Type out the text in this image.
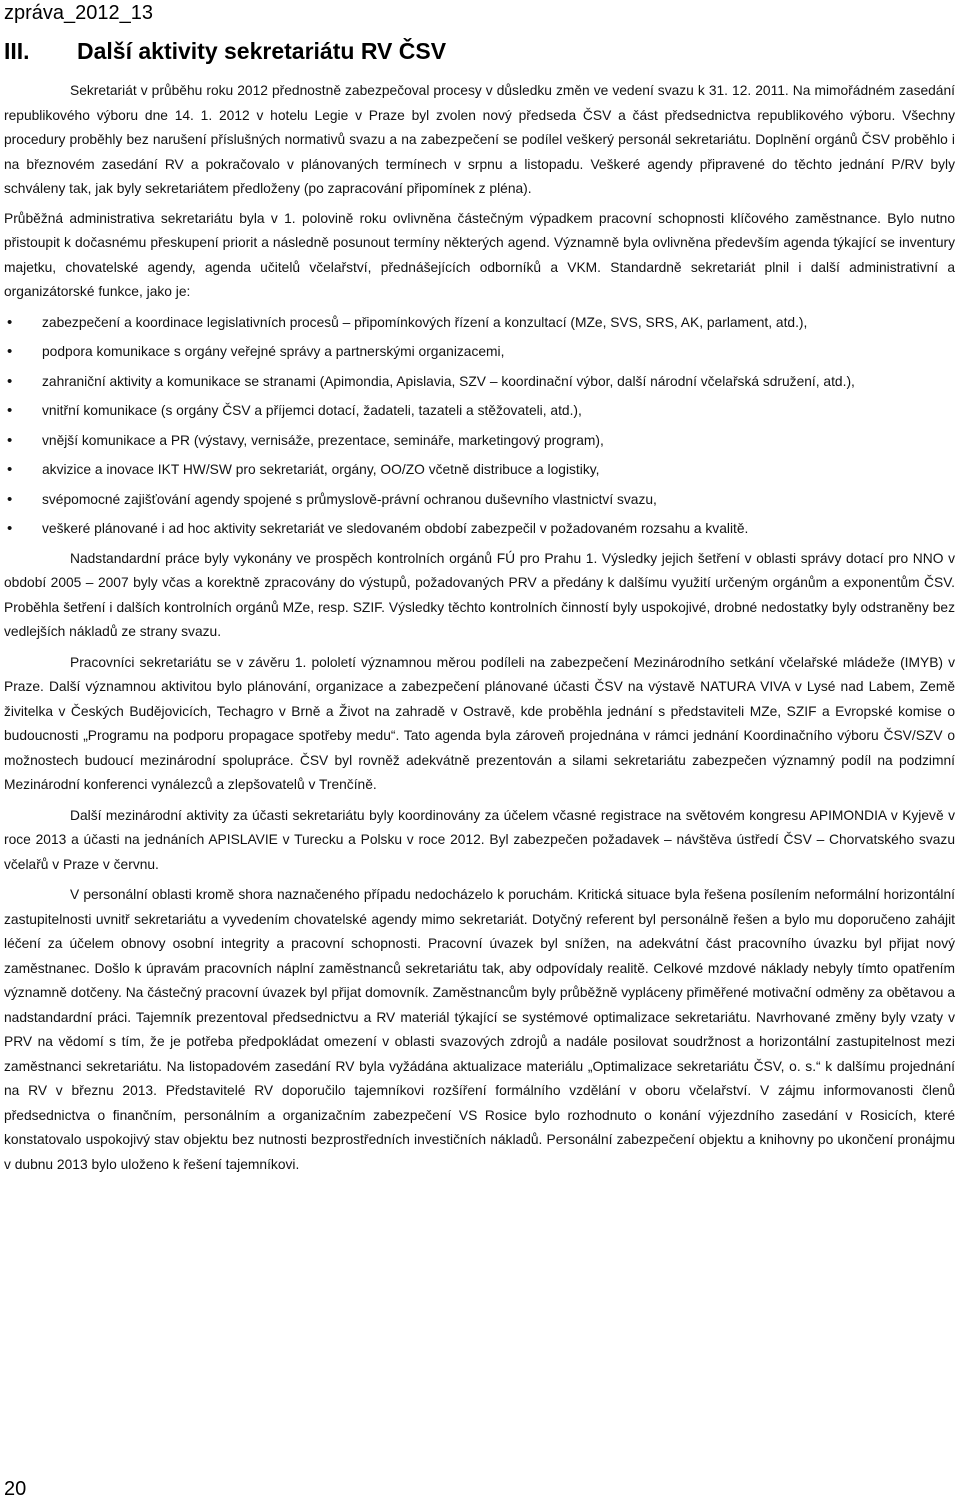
zpráva_2012_13
III. Další aktivity sekretariátu RV ČSV

Sekretariát v průběhu roku 2012 přednostně zabezpečoval procesy v důsledku změn ve vedení svazu k 31. 12. 2011. Na mimořádném zasedání republikového výboru dne 14. 1. 2012 v hotelu Legie v Praze byl zvolen nový předseda ČSV a část předsednictva republikového výboru. Všechny procedury proběhly bez narušení příslušných normativů svazu a na zabezpečení se podílel veškerý personál sekretariátu. Doplnění orgánů ČSV proběhlo i na březnovém zasedání RV a pokračovalo v plánovaných termínech v srpnu a listopadu. Veškeré agendy připravené do těchto jednání P/RV byly schváleny tak, jak byly sekretariátem předloženy (po zapracování připomínek z pléna).

Průběžná administrativa sekretariátu byla v 1. polovině roku ovlivněna částečným výpadkem pracovní schopnosti klíčového zaměstnance. Bylo nutno přistoupit k dočasnému přeskupení priorit a následně posunout termíny některých agend. Významně byla ovlivněna především agenda týkající se inventury majetku, chovatelské agendy, agenda učitelů včelařství, přednášejících odborníků a VKM. Standardně sekretariát plnil i další administrativní a organizátorské funkce, jako je:

• zabezpečení a koordinace legislativních procesů – připomínkových řízení a konzultací (MZe, SVS, SRS, AK, parlament, atd.),
• podpora komunikace s orgány veřejné správy a partnerskými organizacemi,
• zahraniční aktivity a komunikace se stranami (Apimondia, Apislavia, SZV – koordinační výbor, další národní včelařská sdružení, atd.),
• vnitřní komunikace (s orgány ČSV a příjemci dotací, žadateli, tazateli a stěžovateli, atd.),
• vnější komunikace a PR (výstavy, vernisáže, prezentace, semináře, marketingový program),
• akvizice a inovace IKT HW/SW pro sekretariát, orgány, OO/ZO včetně distribuce a logistiky,
• svépomocné zajišťování agendy spojené s průmyslově-právní ochranou duševního vlastnictví svazu,
• veškeré plánované i ad hoc aktivity sekretariát ve sledovaném období zabezpečil v požadovaném rozsahu a kvalitě.

Nadstandardní práce byly vykonány ve prospěch kontrolních orgánů FÚ pro Prahu 1. Výsledky jejich šetření v oblasti správy dotací pro NNO v období 2005 – 2007 byly včas a korektně zpracovány do výstupů, požadovaných PRV a předány k dalšímu využití určeným orgánům a exponentům ČSV. Proběhla šetření i dalších kontrolních orgánů MZe, resp. SZIF. Výsledky těchto kontrolních činností byly uspokojivé, drobné nedostatky byly odstraněny bez vedlejších nákladů ze strany svazu.

Pracovníci sekretariátu se v závěru 1. pololetí významnou měrou podíleli na zabezpečení Mezinárodního setkání včelařské mládeže (IMYB) v Praze. Další významnou aktivitou bylo plánování, organizace a zabezpečení plánované účasti ČSV na výstavě NATURA VIVA v Lysé nad Labem, Země živitelka v Českých Budějovicích, Techagro v Brně a Život na zahradě v Ostravě, kde proběhla jednání s představiteli MZe, SZIF a Evropské komise o budoucnosti „Programu na podporu propagace spotřeby medu“. Tato agenda byla zároveň projednána v rámci jednání Koordinačního výboru ČSV/SZV o možnostech budoucí mezinárodní spolupráce. ČSV byl rovněž adekvátně prezentován a silami sekretariátu zabezpečen významný podíl na podzimní Mezinárodní konferenci vynálezců a zlepšovatelů v Trenčíně.

Další mezinárodní aktivity za účasti sekretariátu byly koordinovány za účelem včasné registrace na světovém kongresu APIMONDIA v Kyjevě v roce 2013 a účasti na jednáních APISLAVIE v Turecku a Polsku v roce 2012. Byl zabezpečen požadavek – návštěva ústředí ČSV – Chorvatského svazu včelařů v Praze v červnu.

V personální oblasti kromě shora naznačeného případu nedocházelo k poruchám. Kritická situace byla řešena posílením neformální horizontální zastupitelnosti uvnitř sekretariátu a vyvedením chovatelské agendy mimo sekretariát. Dotyčný referent byl personálně řešen a bylo mu doporučeno zahájit léčení za účelem obnovy osobní integrity a pracovní schopnosti. Pracovní úvazek byl snížen, na adekvátní část pracovního úvazku byl přijat nový zaměstnanec. Došlo k úpravám pracovních náplní zaměstnanců sekretariátu tak, aby odpovídaly realitě. Celkové mzdové náklady nebyly tímto opatřením významně dotčeny. Na částečný pracovní úvazek byl přijat domovník. Zaměstnancům byly průběžně vypláceny přiměřené motivační odměny za obětavou a nadstandardní práci. Tajemník prezentoval předsednictvu a RV materiál týkající se systémové optimalizace sekretariátu. Navrhované změny byly vzaty v PRV na vědomí s tím, že je potřeba předpokládat omezení v oblasti svazových zdrojů a nadále posilovat soudržnost a horizontální zastupitelnost mezi zaměstnanci sekretariátu. Na listopadovém zasedání RV byla vyžádána aktualizace materiálu „Optimalizace sekretariátu ČSV, o. s.“ k dalšímu projednání na RV v březnu 2013. Představitelé RV doporučilo tajemníkovi rozšíření formálního vzdělání v oboru včelařství. V zájmu informovanosti členů předsednictva o finančním, personálním a organizačním zabezpečení VS Rosice bylo rozhodnuto o konání výjezdního zasedání v Rosicích, které konstatovalo uspokojivý stav objektu bez nutnosti bezprostředních investičních nákladů. Personální zabezpečení objektu a knihovny po ukončení pronájmu v dubnu 2013 bylo uloženo k řešení tajemníkovi.

20
